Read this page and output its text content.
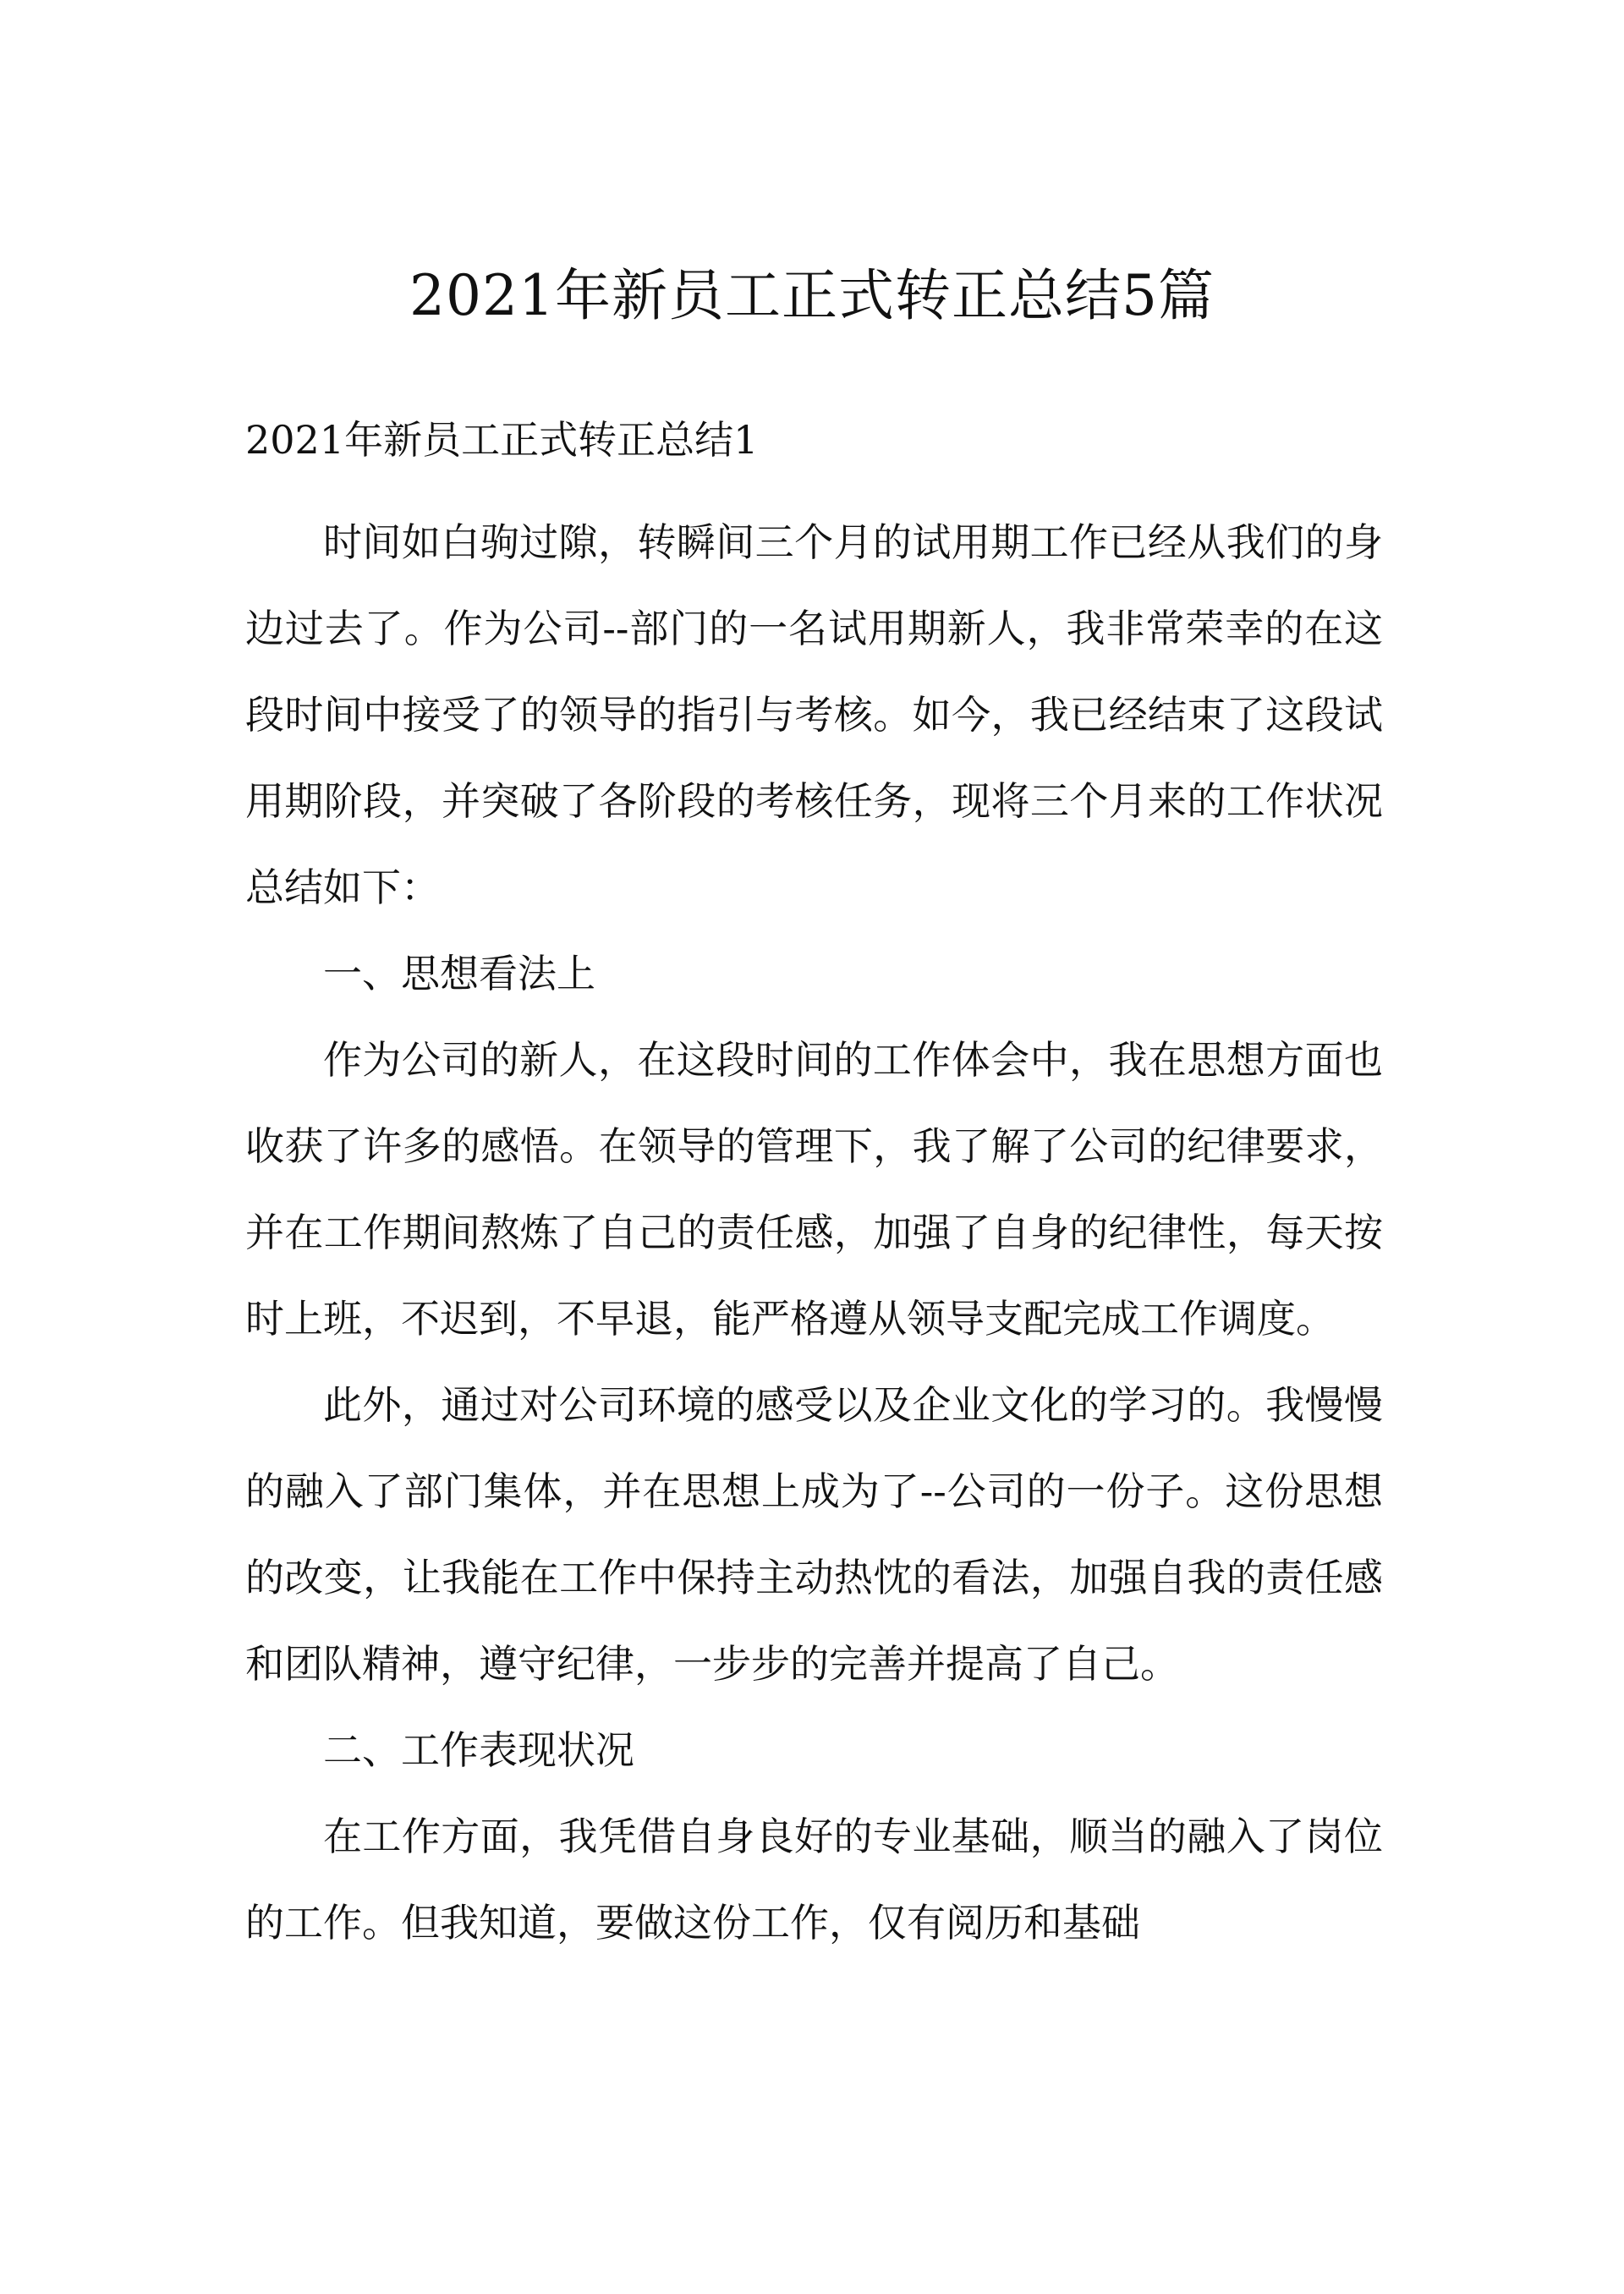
2021年新员工正式转正总结5篇
2021年新员工正式转正总结1

时间如白驹过隙，转瞬间三个月的试用期工作已经从我们的身边过去了。作为公司--部门的一名试用期新人，我非常荣幸的在这段时间中接受了的领导的指引与考核。如今，我已经结束了这段试用期阶段，并突破了各阶段的考核任务，现将三个月来的工作状况总结如下：

一、思想看法上

作为公司的新人，在这段时间的工作体会中，我在思想方面也收获了许多的感悟。在领导的管理下，我了解了公司的纪律要求，并在工作期间熬炼了自己的责任感，加强了自身的纪律性，每天按时上班，不迟到，不早退，能严格遵从领导支配完成工作调度。

此外，通过对公司环境的感受以及企业文化的学习的。我慢慢的融入了部门集体，并在思想上成为了--公司的一份子。这份思想的改变，让我能在工作中保持主动热忱的看法，加强自我的责任感和团队精神，遵守纪律，一步步的完善并提高了自己。

二、工作表现状况

在工作方面，我凭借自身良好的专业基础，顺当的融入了岗位的工作。但我知道，要做这份工作，仅有阅历和基础
